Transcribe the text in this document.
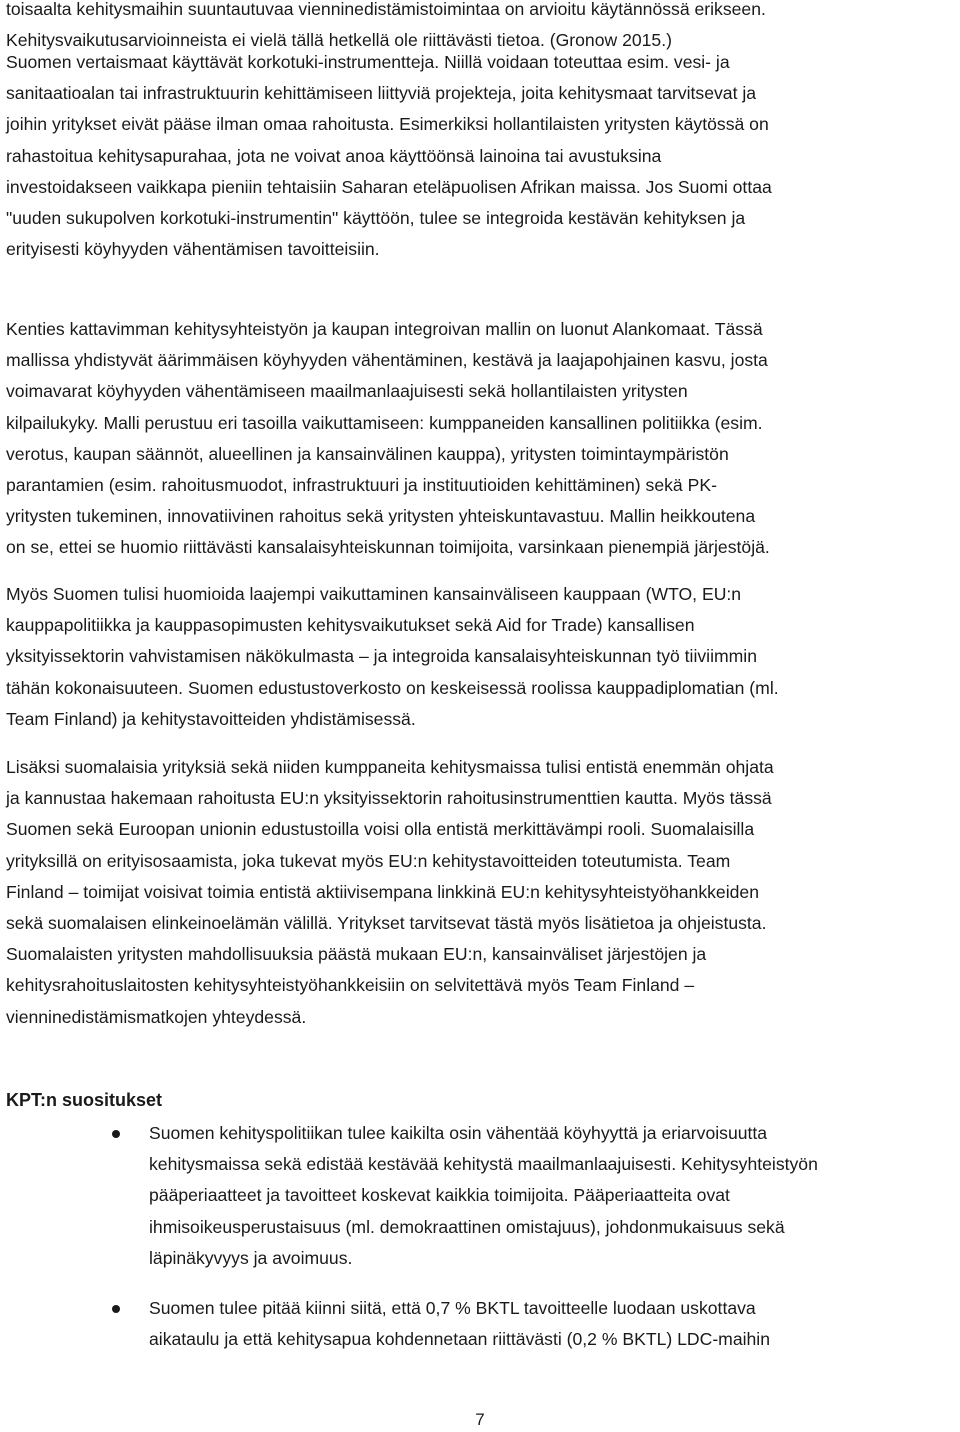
toisaalta kehitysmaihin suuntautuvaa vienninedistämistoimintaa on arvioitu käytännössä erikseen.
Kehitysvaikutusarvioinneista ei vielä tällä hetkellä ole riittävästi tietoa. (Gronow 2015.)

Suomen vertaismaat käyttävät korkotuki-instrumentteja. Niillä voidaan toteuttaa esim. vesi- ja
sanitaatioalan tai infrastruktuurin kehittämiseen liittyviä projekteja, joita kehitysmaat tarvitsevat ja
joihin yritykset eivät pääse ilman omaa rahoitusta. Esimerkiksi hollantilaisten yritysten käytössä on
rahastoitua kehitysapurahaa, jota ne voivat anoa käyttöönsä lainoina tai avustuksina
investoidakseen vaikkapa pieniin tehtaisiin Saharan eteläpuolisen Afrikan maissa. Jos Suomi ottaa
"uuden sukupolven korkotuki-instrumentin" käyttöön, tulee se integroida kestävän kehityksen ja
erityisesti köyhyyden vähentämisen tavoitteisiin.

Kenties kattavimman kehitysyhteistyön ja kaupan integroivan mallin on luonut Alankomaat. Tässä
mallissa yhdistyvät äärimmäisen köyhyyden vähentäminen, kestävä ja laajapohjainen kasvu, josta
voimavarat köyhyyden vähentämiseen maailmanlaajuisesti sekä hollantilaisten yritysten
kilpailukyky. Malli perustuu eri tasoilla vaikuttamiseen: kumppaneiden kansallinen politiikka (esim.
verotus, kaupan säännöt, alueellinen ja kansainvälinen kauppa), yritysten toimintaympäristön
parantamien (esim. rahoitusmuodot, infrastruktuuri ja instituutioiden kehittäminen) sekä PK-
yritysten tukeminen, innovatiivinen rahoitus sekä yritysten yhteiskuntavastuu. Mallin heikkoutena
on se, ettei se huomio riittävästi kansalaisyhteiskunnan toimijoita, varsinkaan pienempiä järjestöjä.

Myös Suomen tulisi huomioida laajempi vaikuttaminen kansainväliseen kauppaan (WTO, EU:n
kauppapolitiikka ja kauppasopimusten kehitysvaikutukset sekä Aid for Trade) kansallisen
yksityissektorin vahvistamisen näkökulmasta – ja integroida kansalaisyhteiskunnan työ tiiviimmin
tähän kokonaisuuteen. Suomen edustustoverkosto on keskeisessä roolissa kauppadiplomatian (ml.
Team Finland) ja kehitystavoitteiden yhdistämisessä.

Lisäksi suomalaisia yrityksiä sekä niiden kumppaneita kehitysmaissa tulisi entistä enemmän ohjata
ja kannustaa hakemaan rahoitusta EU:n yksityissektorin rahoitusinstrumenttien kautta. Myös tässä
Suomen sekä Euroopan unionin edustustoilla voisi olla entistä merkittävämpi rooli. Suomalaisilla
yrityksillä on erityisosaamista, joka tukevat myös EU:n kehitystavoitteiden toteutumista. Team
Finland – toimijat voisivat toimia entistä aktiivisempana linkkinä EU:n kehitysyhteistyöhankkeiden
sekä suomalaisen elinkeinoelämän välillä. Yritykset tarvitsevat tästä myös lisätietoa ja ohjeistusta.
Suomalaisten yritysten mahdollisuuksia päästä mukaan EU:n, kansainväliset järjestöjen ja
kehitysrahoituslaitosten kehitysyhteistyöhankkeisiin on selvitettävä myös Team Finland –
vienninedistämismatkojen yhteydessä.

KPT:n suositukset
Suomen kehityspolitiikan tulee kaikilta osin vähentää köyhyyttä ja eriarvoisuutta
kehitysmaissa sekä edistää kestävää kehitystä maailmanlaajuisesti. Kehitysyhteistyön
pääperiaatteet ja tavoitteet koskevat kaikkia toimijoita. Pääperiaatteita ovat
ihmisoikeusperustaisuus (ml. demokraattinen omistajuus), johdonmukaisuus sekä
läpinäkyvyys ja avoimuus.
Suomen tulee pitää kiinni siitä, että 0,7 % BKTL tavoitteelle luodaan uskottava
aikataulu ja että kehitysapua kohdennetaan riittävästi (0,2 % BKTL) LDC-maihin

7
